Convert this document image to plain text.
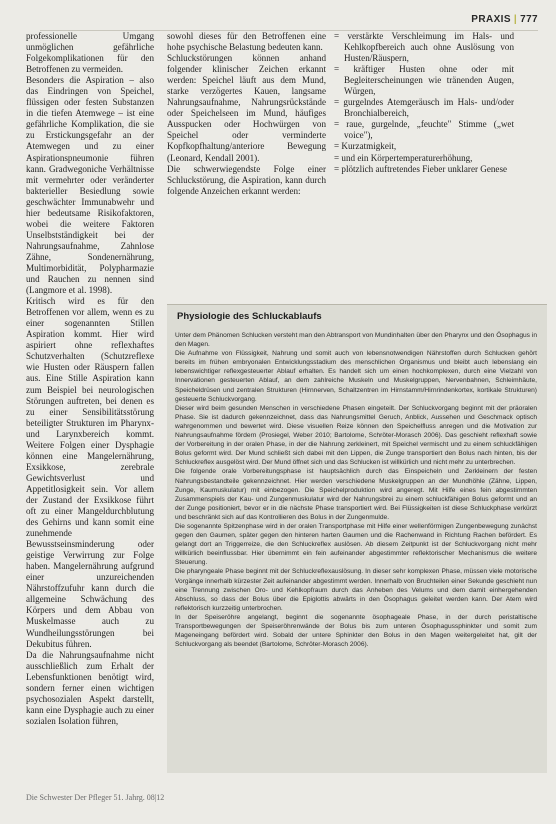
PRAXIS | 777

professionelle Umgang unmöglichen gefährliche Folgekomplikationen für den Betroffenen zu vermeiden.

Besonders die Aspiration – also das Eindringen von Speichel, flüssigen oder festen Substanzen in die tiefen Atemwege – ist eine gefährliche Komplikation, die sie zu Erstickungsgefahr an der Atemwegen und zu einer Aspirationspneumonie führen kann. Gradwegoniche Verhältnisse mit vermehrter oder veränderter bakterieller Besiedlung sowie geschwächter Immunabwehr und hier bedeutsame Risikofaktoren, wobei die weitere Faktoren Unselbstständigkeit bei der Nahrungsaufnahme, Zahnlose Zähne, Sondenernährung, Multimorbidität, Polypharmazie und Rauchen zu nennen sind (Langmore et al. 1998).

Kritisch wird es für den Betroffenen vor allem, wenn es zu einer sogenannten Stillen Aspiration kommt. Hier wird aspiriert ohne reflexhaftes Schutzverhalten (Schutzreflexe wie Husten oder Räuspern fallen aus. Eine Stille Aspiration kann zum Beispiel bei neurologischen Störungen auftreten, bei denen es zu einer Sensibilitätsstörung beteiligter Strukturen im Pharynx- und Larynxbereich kommt. Weitere Folgen einer Dysphagie können eine Mangelernährung, Exsikkose, zerebrale Gewichtsverlust und Appetitlosigkeit sein. Vor allem der Zustand der Exsikkose führt oft zu einer Mangeldurchblutung des Gehirns und kann somit eine zunehmende Bewusstseinsminderung oder geistige Verwirrung zur Folge haben. Mangelernährung aufgrund einer unzureichenden Nährstoffzufuhr kann durch die allgemeine Schwächung des Körpers und dem Abbau von Muskelmasse auch zu Wundheilungsstörungen bei Dekubitus führen.

Da die Nahrungsaufnahme nicht ausschließlich zum Erhalt der Lebensfunktionen benötigt wird, sondern ferner einen wichtigen psychosozialen Aspekt darstellt, kann eine Dysphagie auch zu einer sozialen Isolation führen,

sowohl dieses für den Betroffenen eine hohe psychische Belastung bedeuten kann.

Schluckstörungen können anhand folgender klinischer Zeichen erkannt werden: Speichel läuft aus dem Mund, starke verzögertes Kauen, langsame Nahrungsaufnahme, Nahrungsrückstände oder Speichelseen im Mund, häufiges Ausspucken oder Hochwürgen von Speichel oder verminderte Kopfkopfhaltung/anteriore Bewegung (Leonard, Kendall 2001).

Die schwerwiegendste Folge einer Schluckstörung, die Aspiration, kann durch folgende Anzeichen erkannt werden:

= verstärkte Verschleimung im Hals- und Kehlkopfbereich auch ohne Auslösung von Husten/Räuspern,

= kräftiger Husten ohne oder mit Begleiterscheinungen wie tränenden Augen, Würgen,

= gurgelndes Atemgeräusch im Hals- und/oder Bronchialbereich,

= raue, gurgelnde, „feuchte" Stimme („wet voice"),

= Kurzatmigkeit,

= und ein Körpertemperaturerhöhung,

= plötzlich auftretendes Fieber unklarer Genese

Physiologie des Schluckablaufs

Unter dem Phänomen Schlucken versteht man den Abtransport von Mundinhalten über den Pharynx und den Ösophagus in den Magen.

Die Aufnahme von Flüssigkeit, Nahrung und somit auch von lebensnotwendigen Nährstoffen durch Schlucken gehört bereits im frühen embryonalen Entwicklungsstadium des menschlichen Organismus und bleibt auch lebenslang ein lebenswichtiger reflexgesteuerter Ablauf erhalten. Es handelt sich um einen hochkomplexen, durch eine Vielzahl von Innervationen gesteuerten Ablauf, an dem zahlreiche Muskeln und Muskelgruppen, Nervenbahnen, Schleimhäute, Speicheldrüsen und zentralen Strukturen (Hirnnerven, Schaltzentren im Hirnstamm/Hirnrindenkortex, kortikale Strukturen) gesteuerte Schluckvorgang.

Dieser wird beim gesunden Menschen in verschiedene Phasen eingeteilt. Der Schluckvorgang beginnt mit der präoralen Phase. Sie ist dadurch gekennzeichnet, dass das Nahrungsmittel Geruch, Anblick, Aussehen und Geschmack optisch wahrgenommen und bewertet wird. Diese visuellen Reize können den Speichelfluss anregen und die Motivation zur Nahrungsaufnahme fördern (Prosiegel, Weber 2010; Bartolome, Schröter-Morasch 2006). Das geschieht reflexhaft sowie der Vorbereitung in der oralen Phase, in der die Nahrung zerkleinert, mit Speichel vermischt und zu einem schluckfähigen Bolus geformt wird. Der Mund schließt sich dabei mit den Lippen, die Zunge transportiert den Bolus nach hinten, bis der Schluckreflex ausgelöst wird. Der Mund öffnet sich und das Schlucken ist willkürlich und nicht mehr zu unterbrechen.

Die folgende orale Vorbereitungsphase ist hauptsächlich durch das Einspeicheln und Zerkleinern der festen Nahrungsbestandteile gekennzeichnet. Hier werden verschiedene Muskelgruppen an der Mundhöhle (Zähne, Lippen, Zunge, Kaumuskulatur) mit einbezogen. Die Speichelproduktion wird angeregt. Mit Hilfe eines fein abgestimmten Zusammenspiels der Kau- und Zungenmuskulatur wird der Nahrungsbrei zu einem schluckfähigen Bolus geformt und an der Zunge positioniert, bevor er in die nächste Phase transportiert wird. Bei Flüssigkeiten ist diese Schluckphase verkürzt und beschränkt sich auf das Kontrollieren des Bolus in der Zungenmulde.

Die sogenannte Spitzenphase wird in der oralen Transportphase mit Hilfe einer wellenförmigen Zungenbewegung zunächst gegen den Gaumen, später gegen den hinteren harten Gaumen und die Rachenwand in Richtung Rachen befördert. Es gelangt dort an Triggerreize, die den Schluckreflex auslösen. Ab diesem Zeitpunkt ist der Schluckvorgang nicht mehr willkürlich beeinflussbar. Hier übernimmt ein fein aufeinander abgestimmter reflektorischer Mechanismus die weitere Steuerung.

Die pharyngeale Phase beginnt mit der Schluckreflexauslösung. In dieser sehr komplexen Phase, müssen viele motorische Vorgänge innerhalb kürzester Zeit aufeinander abgestimmt werden. Innerhalb von Bruchteilen einer Sekunde geschieht nun eine Trennung zwischen Oro- und Kehlkopfraum durch das Anheben des Velums und dem damit einhergehenden Abschluss, so dass der Bolus über die Epiglottis abwärts in den Ösophagus geleitet werden kann. Der Atem wird reflektorisch kurzzeitig unterbrochen.

In der Speiseröhre angelangt, beginnt die sogenannte ösophageale Phase, in der durch peristaltische Transportbewegungen der Speiseröhrenwände der Bolus bis zum unteren Ösophagussphinkter und somit zum Mageneingang befördert wird. Sobald der untere Sphinkter den Bolus in den Magen weitergeleitet hat, gilt der Schluckvorgang als beendet (Bartolome, Schröter-Morasch 2006).

Die Schwester Der Pfleger 51. Jahrg. 08|12
